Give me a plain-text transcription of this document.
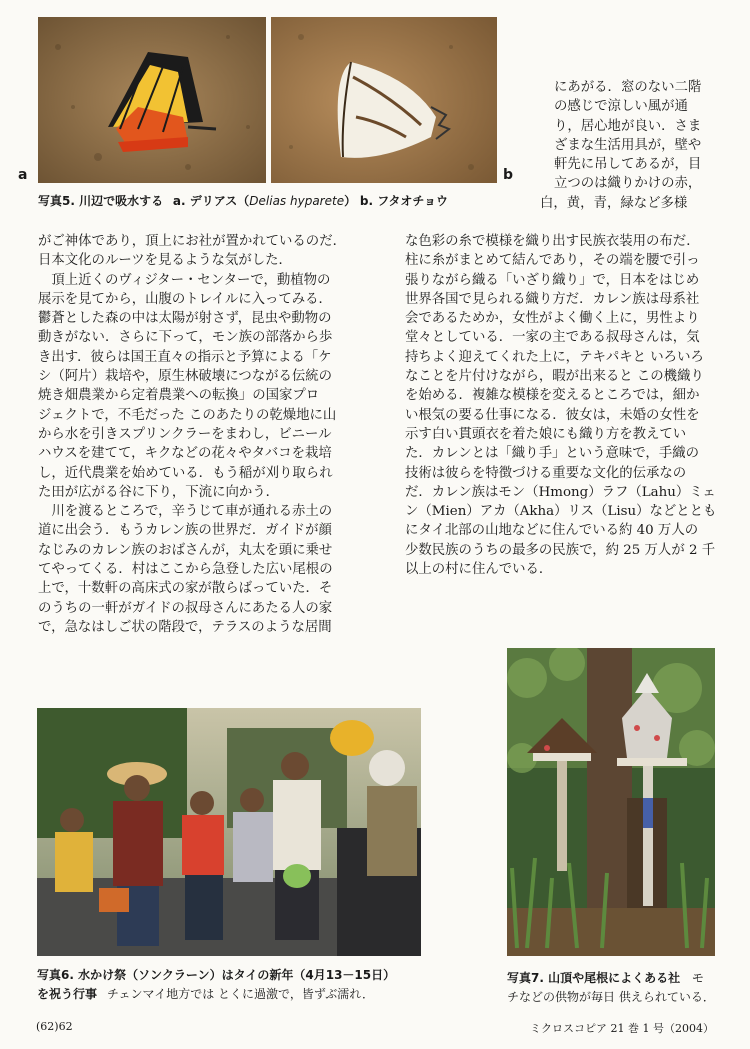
a	b
写真5. 川辺で吸水する a. デリアス（Delias hyparete） b. フタオチョウ
にあがる．窓のない二階
の感じで涼しい風が通
り，居心地が良い．さま
ざまな生活用具が，壁や
軒先に吊してあるが，目
立つのは織りかけの赤，
白，黄，青，緑など多様
がご神体であり，頂上にお社が置かれているのだ．
日本文化のルーツを見るような気がした．
　頂上近くのヴィジター・センターで，動植物の
展示を見てから，山腹のトレイルに入ってみる．
鬱蒼とした森の中は太陽が射さず，昆虫や動物の
動きがない．さらに下って，モン族の部落から歩
き出す．彼らは国王直々の指示と予算による「ケ
シ（阿片）栽培や，原生林破壊につながる伝統の
焼き畑農業から定着農業への転換」の国家プロ
ジェクトで，不毛だった このあたりの乾燥地に山
から水を引きスプリンクラーをまわし，ビニール
ハウスを建てて，キクなどの花々やタバコを栽培
し，近代農業を始めている．もう稲が刈り取られ
た田が広がる谷に下り，下流に向かう．
　川を渡るところで，辛うじて車が通れる赤土の
道に出会う．もうカレン族の世界だ．ガイドが顔
なじみのカレン族のおばさんが，丸太を頭に乗せ
てやってくる．村はここから急登した広い尾根の
上で，十数軒の高床式の家が散らばっていた．そ
のうちの一軒がガイドの叔母さんにあたる人の家
で，急なはしご状の階段で，テラスのような居間
な色彩の糸で模様を織り出す民族衣装用の布だ．
柱に糸がまとめて結んであり，その端を腰で引っ
張りながら織る「いざり織り」で，日本をはじめ
世界各国で見られる織り方だ．カレン族は母系社
会であるためか，女性がよく働く上に，男性より
堂々としている．一家の主である叔母さんは，気
持ちよく迎えてくれた上に，テキパキと いろいろ
なことを片付けながら，暇が出来ると この機織り
を始める．複雑な模様を変えるところでは，細か
い根気の要る仕事になる．彼女は，未婚の女性を
示す白い貫頭衣を着た娘にも織り方を教えてい
た．カレンとは「織り手」という意味で，手織の
技術は彼らを特徴づける重要な文化的伝承なの
だ．カレン族はモン（Hmong）ラフ（Lahu）ミェ
ン（Mien）アカ（Akha）リス（Lisu）などととも
にタイ北部の山地などに住んでいる約 40 万人の
少数民族のうちの最多の民族で，約 25 万人が 2 千
以上の村に住んでいる．
写真6. 水かけ祭（ソンクラーン）はタイの新年（4月13－15日）
を祝う行事 チェンマイ地方では とくに過激で，皆ずぶ濡れ．
写真7. 山頂や尾根によくある社 モ
チなどの供物が毎日 供えられている．
(62)62	ミクロスコピア 21 巻 1 号（2004）
